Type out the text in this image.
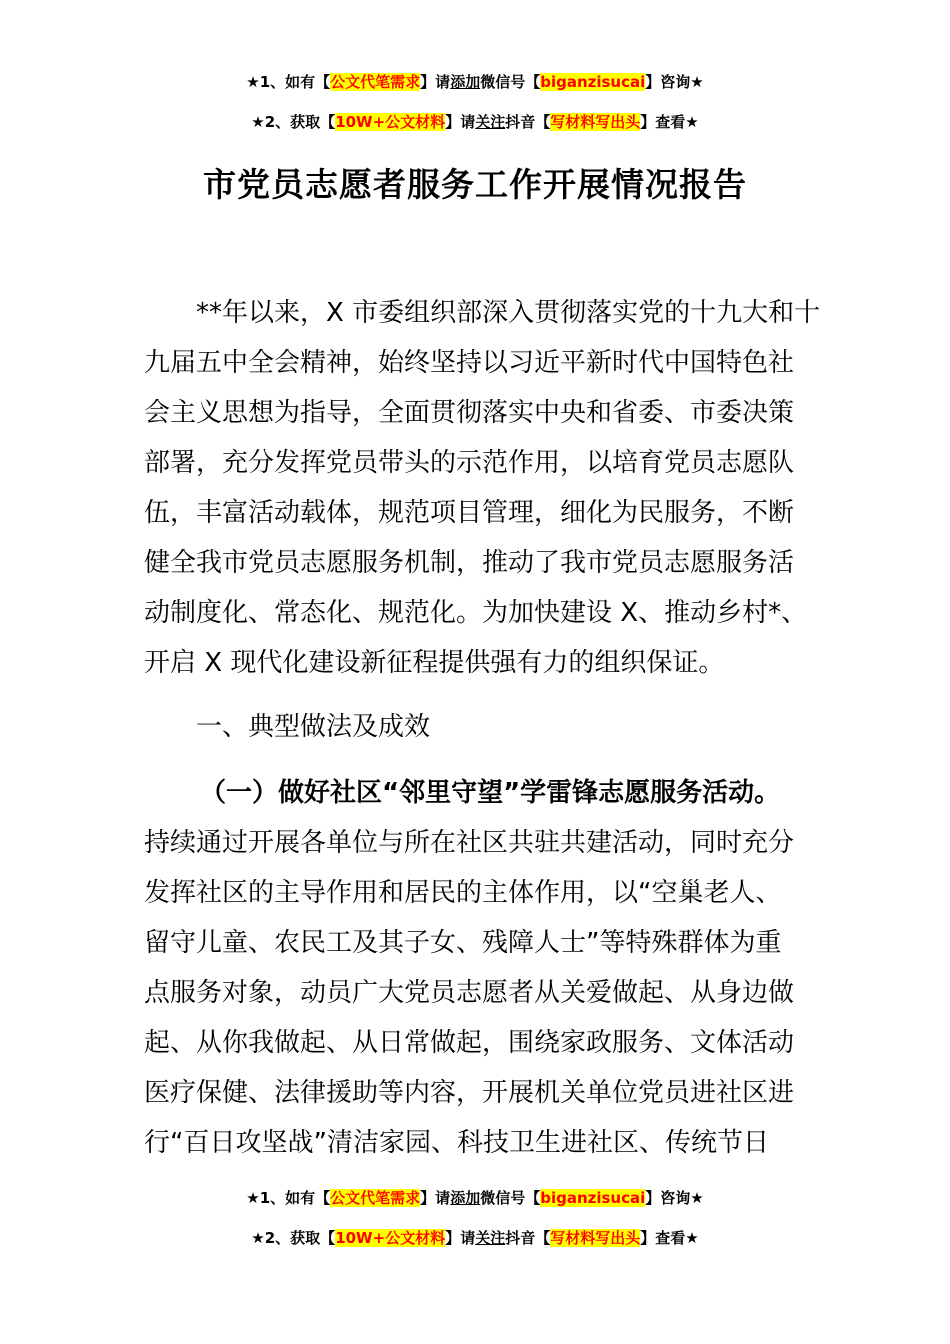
★1、如有【公文代笔需求】请添加微信号【biganzisucai】咨询★
★2、获取【10W+公文材料】请关注抖音【写材料写出头】查看★
市党员志愿者服务工作开展情况报告
**年以来，X 市委组织部深入贯彻落实党的十九大和十
九届五中全会精神，始终坚持以习近平新时代中国特色社
会主义思想为指导，全面贯彻落实中央和省委、市委决策
部署，充分发挥党员带头的示范作用，以培育党员志愿队
伍，丰富活动载体，规范项目管理，细化为民服务，不断
健全我市党员志愿服务机制，推动了我市党员志愿服务活
动制度化、常态化、规范化。为加快建设 X、推动乡村*、
开启 X 现代化建设新征程提供强有力的组织保证。
一、典型做法及成效
（一）做好社区“邻里守望”学雷锋志愿服务活动。
持续通过开展各单位与所在社区共驻共建活动，同时充分
发挥社区的主导作用和居民的主体作用，以“空巢老人、
留守儿童、农民工及其子女、残障人士”等特殊群体为重
点服务对象，动员广大党员志愿者从关爱做起、从身边做
起、从你我做起、从日常做起，围绕家政服务、文体活动
医疗保健、法律援助等内容，开展机关单位党员进社区进
行“百日攻坚战”清洁家园、科技卫生进社区、传统节日
★1、如有【公文代笔需求】请添加微信号【biganzisucai】咨询★
★2、获取【10W+公文材料】请关注抖音【写材料写出头】查看★
